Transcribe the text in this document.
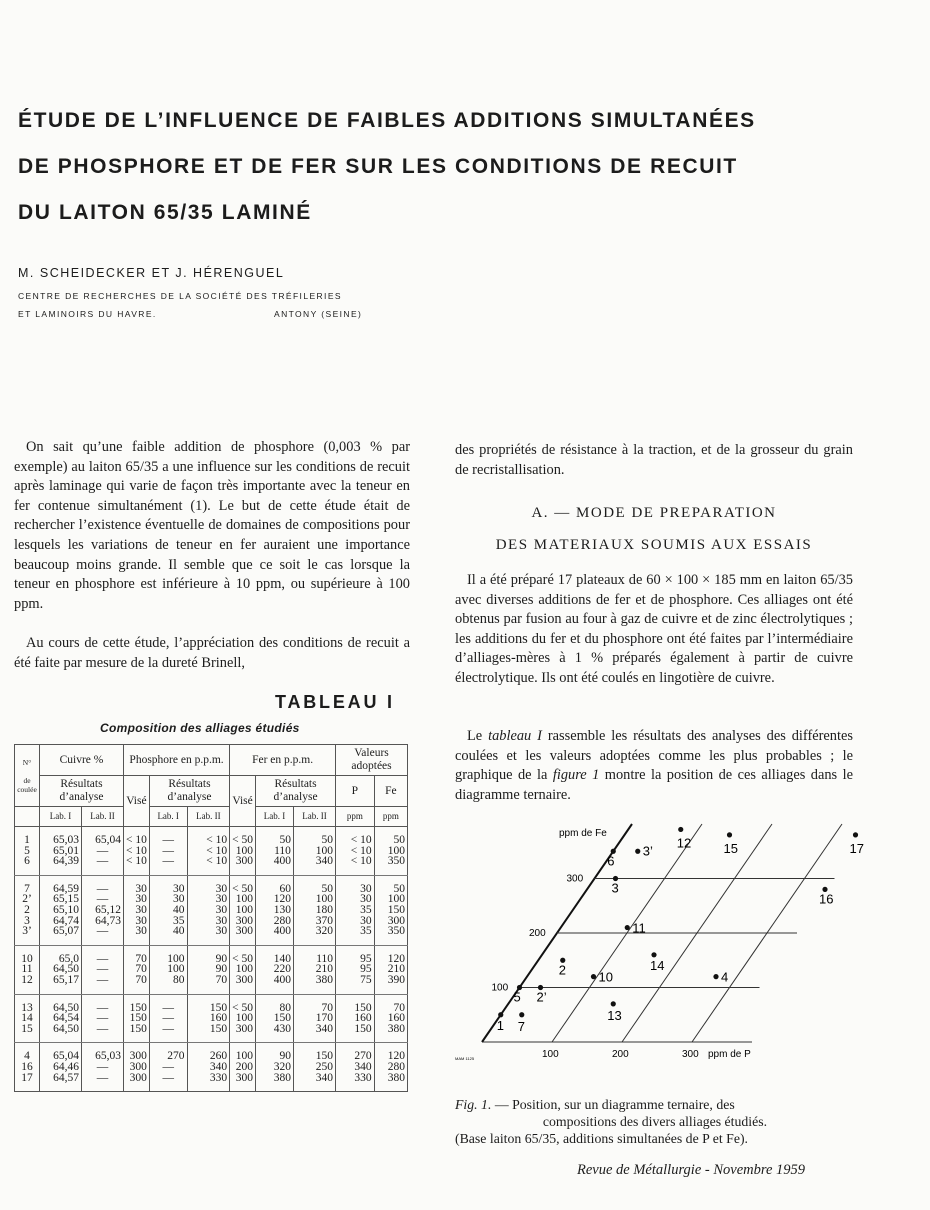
ÉTUDE DE L’INFLUENCE DE FAIBLES ADDITIONS SIMULTANÉES
DE PHOSPHORE ET DE FER SUR LES CONDITIONS DE RECUIT
DU LAITON 65/35 LAMINÉ
M. SCHEIDECKER ET J. HÉRENGUEL
CENTRE DE RECHERCHES DE LA SOCIÉTÉ DES TRÉFILERIES
ET LAMINOIRS DU HAVRE.	ANTONY (SEINE)

On sait qu’une faible addition de phosphore (0,003 % par exemple) au laiton 65/35 a une influence sur les conditions de recuit après laminage qui varie de façon très importante avec la teneur en fer contenue simultanément (1). Le but de cette étude était de rechercher l’existence éventuelle de domaines de compositions pour lesquels les variations de teneur en fer auraient une importance beaucoup moins grande. Il semble que ce soit le cas lorsque la teneur en phosphore est inférieure à 10 ppm, ou supérieure à 100 ppm.

Au cours de cette étude, l’appréciation des conditions de recuit a été faite par mesure de la dureté Brinell,

TABLEAU I
Composition des alliages étudiés
N°

de coulée	Cuivre %		Phosphore en p.p.m.			Fer en p.p.m.			Valeurs adoptées	
	Résultats d’analyse		Visé	Résultats d’analyse		Visé	Résultats d’analyse		P	Fe
	Lab. I	Lab. II		Lab. I	Lab. II		Lab. I	Lab. II	ppm	ppm
1	65,03	65,04	< 10	—	< 10	< 50	50	50	< 10	50
5	65,01	—	< 10	—	< 10	100	110	100	< 10	100
6	64,39	—	< 10	—	< 10	300	400	340	< 10	350
7	64,59	—	30	30	30	< 50	60	50	30	50
2’	65,15	—	30	30	30	100	120	100	30	100
2	65,10	65,12	30	40	30	100	130	180	35	150
3	64,74	64,73	30	35	30	300	280	370	30	300
3’	65,07	—	30	40	30	300	400	320	35	350
10	65,0	—	70	100	90	< 50	140	110	95	120
11	64,50	—	70	100	90	100	220	210	95	210
12	65,17	—	70	80	70	300	400	380	75	390
13	64,50	—	150	—	150	< 50	80	70	150	70
14	64,54	—	150	—	160	100	150	170	160	160
15	64,50	—	150	—	150	300	430	340	150	380
4	65,04	65,03	300	270	260	100	90	150	270	120
16	64,46	—	300	—	340	200	320	250	340	280
17	64,57	—	300	—	330	300	380	340	330	380

des propriétés de résistance à la traction, et de la grosseur du grain de recristallisation.

A. — MODE DE PREPARATION
DES MATERIAUX SOUMIS AUX ESSAIS

Il a été préparé 17 plateaux de 60 × 100 × 185 mm en laiton 65/35 avec diverses additions de fer et de phosphore. Ces alliages ont été obtenus par fusion au four à gaz de cuivre et de zinc électrolytiques ; les additions du fer et du phosphore ont été faites par l’intermédiaire d’alliages-mères à 1 % préparés également à partir de cuivre électrolytique. Ils ont été coulés en lingotière de cuivre.

Le tableau I rassemble les résultats des analyses des différentes coulées et les valeurs adoptées comme les plus probables ; le graphique de la figure 1 montre la position de ces alliages dans le diagramme ternaire.

100	200	300
100
200
300
ppm de P
ppm de Fe
MAM 1125
1
5
6
7
2’
2
3
3’
10
11
12
13
14
15
4
16
17

Fig. 1. — Position, sur un diagramme ternaire, des
compositions des divers alliages étudiés.
(Base laiton 65/35, additions simultanées de P et Fe).

Revue de Métallurgie - Novembre 1959
